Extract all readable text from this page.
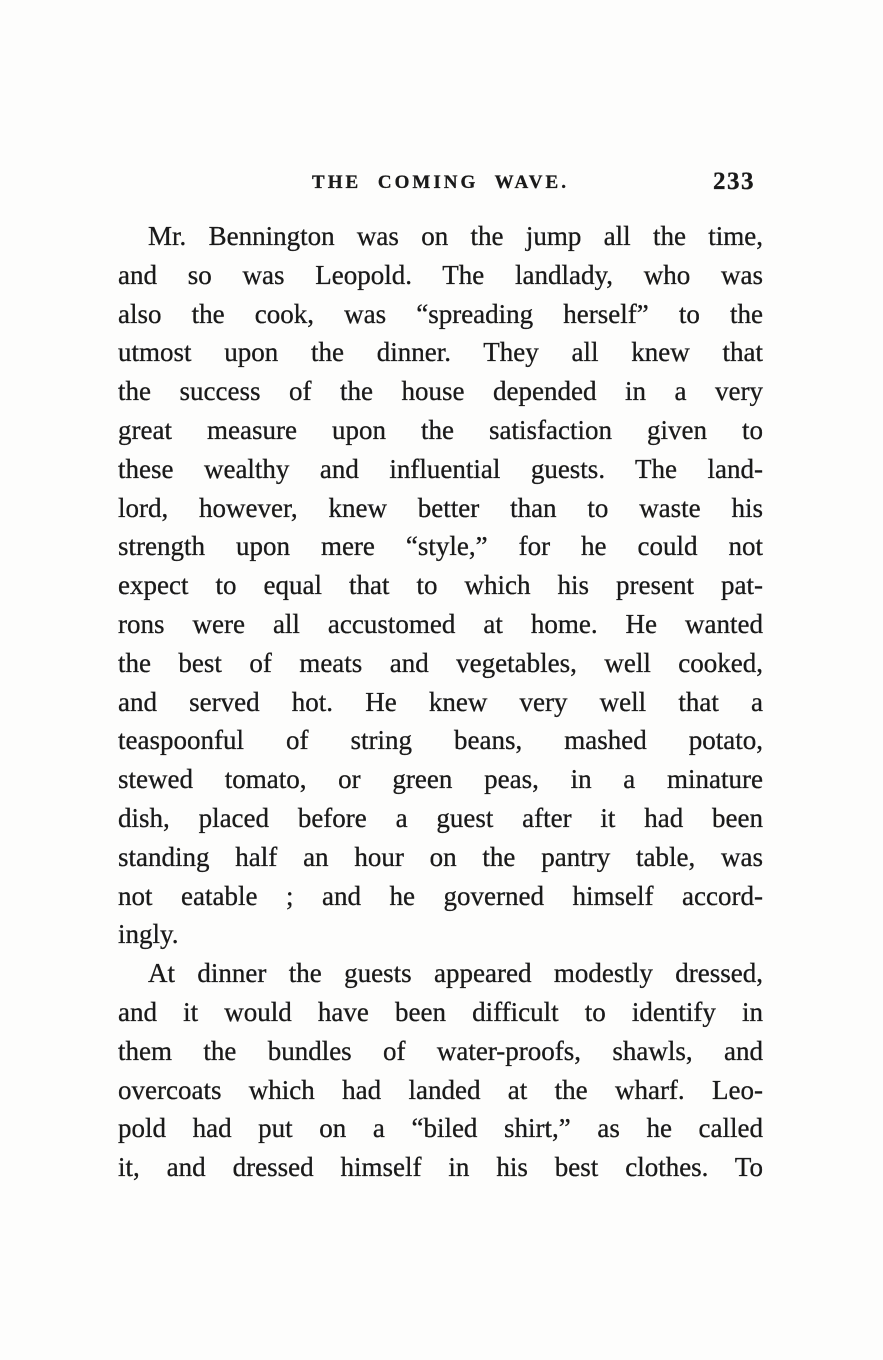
THE COMING WAVE.	233
Mr. Bennington was on the jump all the time,
and so was Leopold. The landlady, who was
also the cook, was “spreading herself” to the
utmost upon the dinner. They all knew that
the success of the house depended in a very
great measure upon the satisfaction given to
these wealthy and influential guests. The land-
lord, however, knew better than to waste his
strength upon mere “style,” for he could not
expect to equal that to which his present pat-
rons were all accustomed at home. He wanted
the best of meats and vegetables, well cooked,
and served hot. He knew very well that a
teaspoonful of string beans, mashed potato,
stewed tomato, or green peas, in a minature
dish, placed before a guest after it had been
standing half an hour on the pantry table, was
not eatable ; and he governed himself accord-
ingly.
At dinner the guests appeared modestly dressed,
and it would have been difficult to identify in
them the bundles of water-proofs, shawls, and
overcoats which had landed at the wharf. Leo-
pold had put on a “biled shirt,” as he called
it, and dressed himself in his best clothes. To
